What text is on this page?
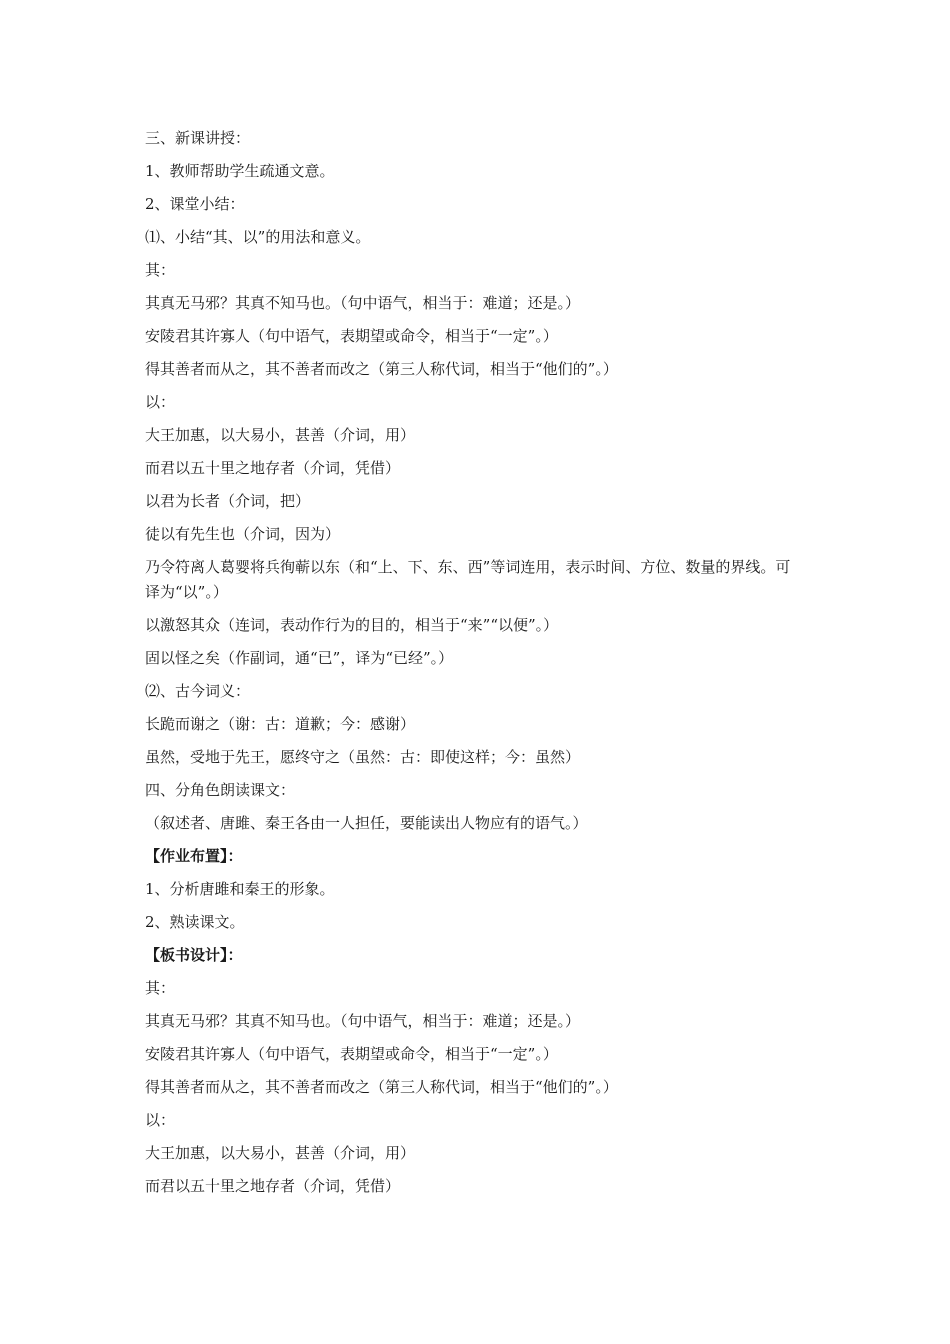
三、新课讲授：
1、教师帮助学生疏通文意。
2、课堂小结：
⑴、小结“其、以”的用法和意义。
其：
其真无马邪？其真不知马也。（句中语气，相当于：难道；还是。）
安陵君其许寡人（句中语气，表期望或命令，相当于“一定”。）
得其善者而从之，其不善者而改之（第三人称代词，相当于“他们的”。）
以：
大王加惠，以大易小，甚善（介词，用）
而君以五十里之地存者（介词，凭借）
以君为长者（介词，把）
徒以有先生也（介词，因为）
乃令符离人葛婴将兵徇蕲以东（和“上、下、东、西”等词连用，表示时间、方位、数量的界线。可译为“以”。）
以激怒其众（连词，表动作行为的目的，相当于“来”“以便”。）
固以怪之矣（作副词，通“已”，译为“已经”。）
⑵、古今词义：
长跪而谢之（谢：古：道歉；今：感谢）
虽然，受地于先王，愿终守之（虽然：古：即使这样；今：虽然）
四、分角色朗读课文：
（叙述者、唐雎、秦王各由一人担任，要能读出人物应有的语气。）
【作业布置】：
1、分析唐雎和秦王的形象。
2、熟读课文。
【板书设计】：
其：
其真无马邪？其真不知马也。（句中语气，相当于：难道；还是。）
安陵君其许寡人（句中语气，表期望或命令，相当于“一定”。）
得其善者而从之，其不善者而改之（第三人称代词，相当于“他们的”。）
以：
大王加惠，以大易小，甚善（介词，用）
而君以五十里之地存者（介词，凭借）
